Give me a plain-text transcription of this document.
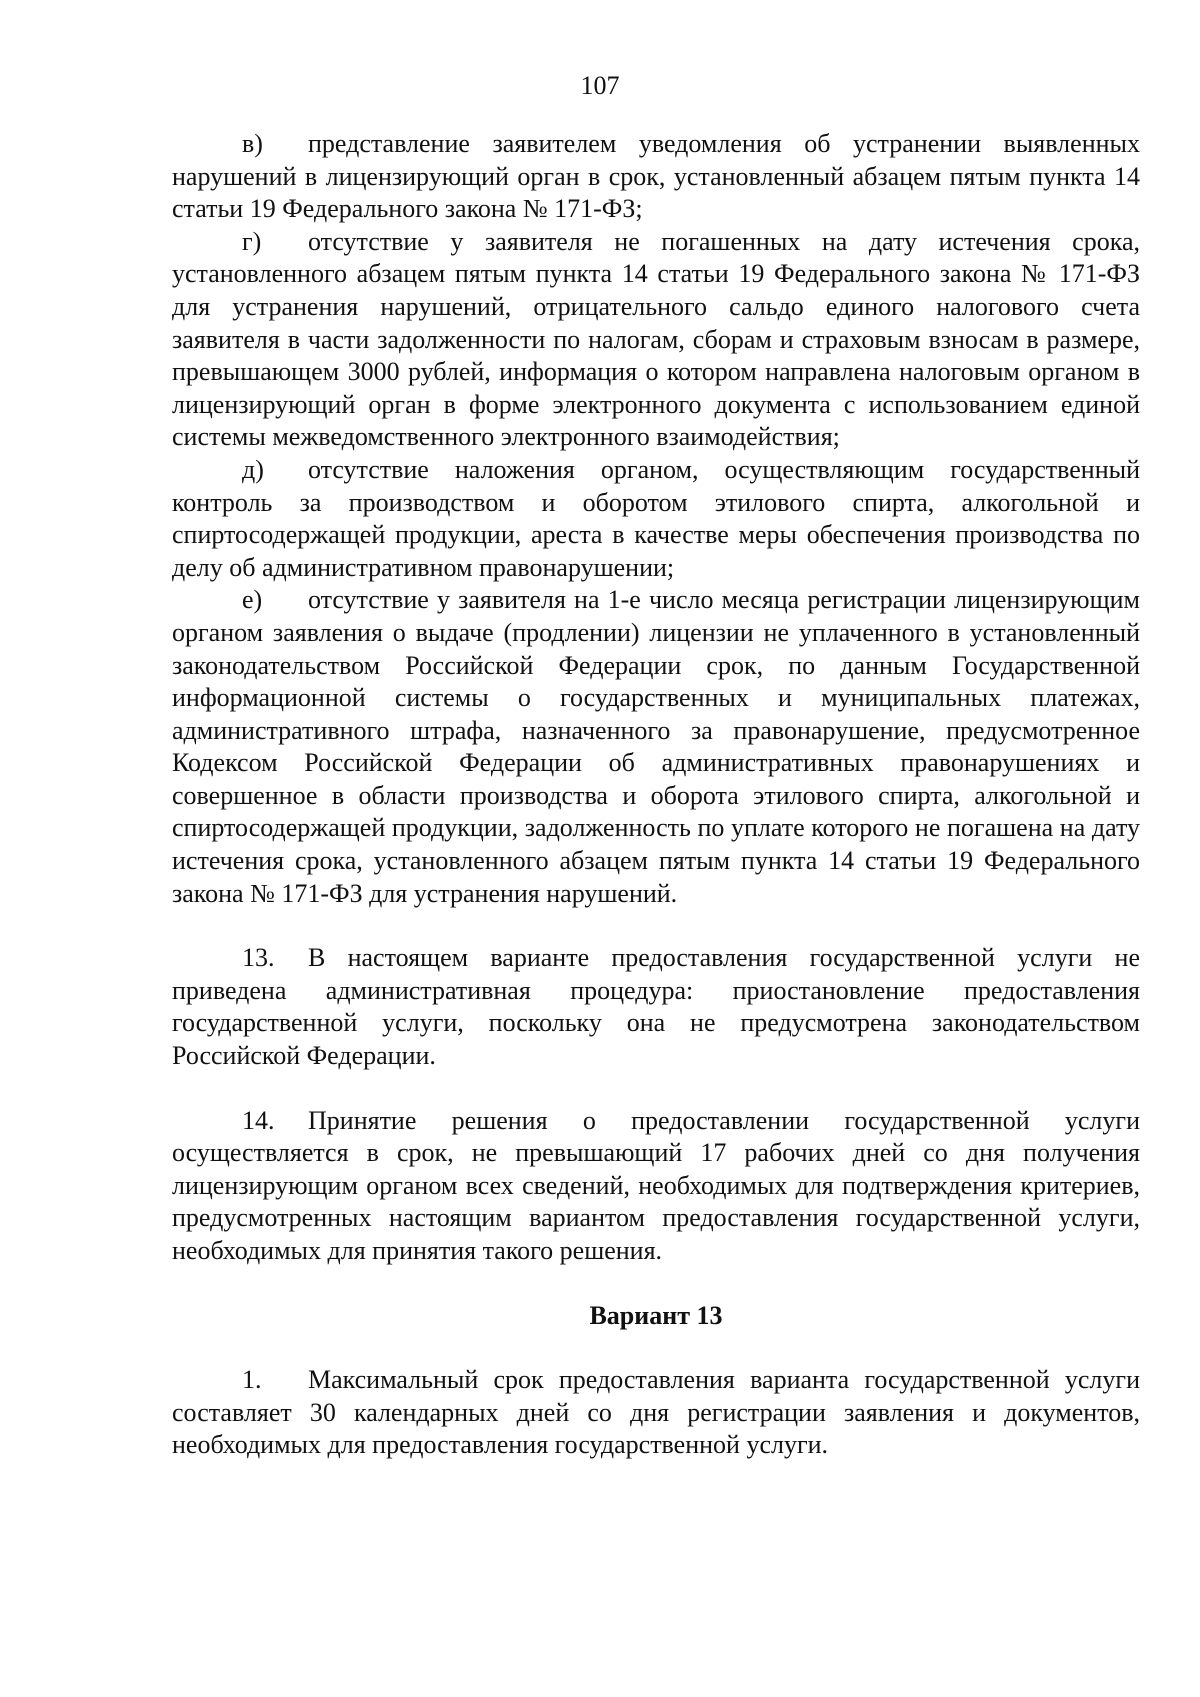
107

в) представление заявителем уведомления об устранении выявленных нарушений в лицензирующий орган в срок, установленный абзацем пятым пункта 14 статьи 19 Федерального закона № 171-ФЗ;

г) отсутствие у заявителя не погашенных на дату истечения срока, установленного абзацем пятым пункта 14 статьи 19 Федерального закона № 171-ФЗ для устранения нарушений, отрицательного сальдо единого налогового счета заявителя в части задолженности по налогам, сборам и страховым взносам в размере, превышающем 3000 рублей, информация о котором направлена налоговым органом в лицензирующий орган в форме электронного документа с использованием единой системы межведомственного электронного взаимодействия;

д) отсутствие наложения органом, осуществляющим государственный контроль за производством и оборотом этилового спирта, алкогольной и спиртосодержащей продукции, ареста в качестве меры обеспечения производства по делу об административном правонарушении;

е) отсутствие у заявителя на 1-е число месяца регистрации лицензирующим органом заявления о выдаче (продлении) лицензии не уплаченного в установленный законодательством Российской Федерации срок, по данным Государственной информационной системы о государственных и муниципальных платежах, административного штрафа, назначенного за правонарушение, предусмотренное Кодексом Российской Федерации об административных правонарушениях и совершенное в области производства и оборота этилового спирта, алкогольной и спиртосодержащей продукции, задолженность по уплате которого не погашена на дату истечения срока, установленного абзацем пятым пункта 14 статьи 19 Федерального закона № 171-ФЗ для устранения нарушений.

13. В настоящем варианте предоставления государственной услуги не приведена административная процедура: приостановление предоставления государственной услуги, поскольку она не предусмотрена законодательством Российской Федерации.

14. Принятие решения о предоставлении государственной услуги осуществляется в срок, не превышающий 17 рабочих дней со дня получения лицензирующим органом всех сведений, необходимых для подтверждения критериев, предусмотренных настоящим вариантом предоставления государственной услуги, необходимых для принятия такого решения.

Вариант 13

1. Максимальный срок предоставления варианта государственной услуги составляет 30 календарных дней со дня регистрации заявления и документов, необходимых для предоставления государственной услуги.
